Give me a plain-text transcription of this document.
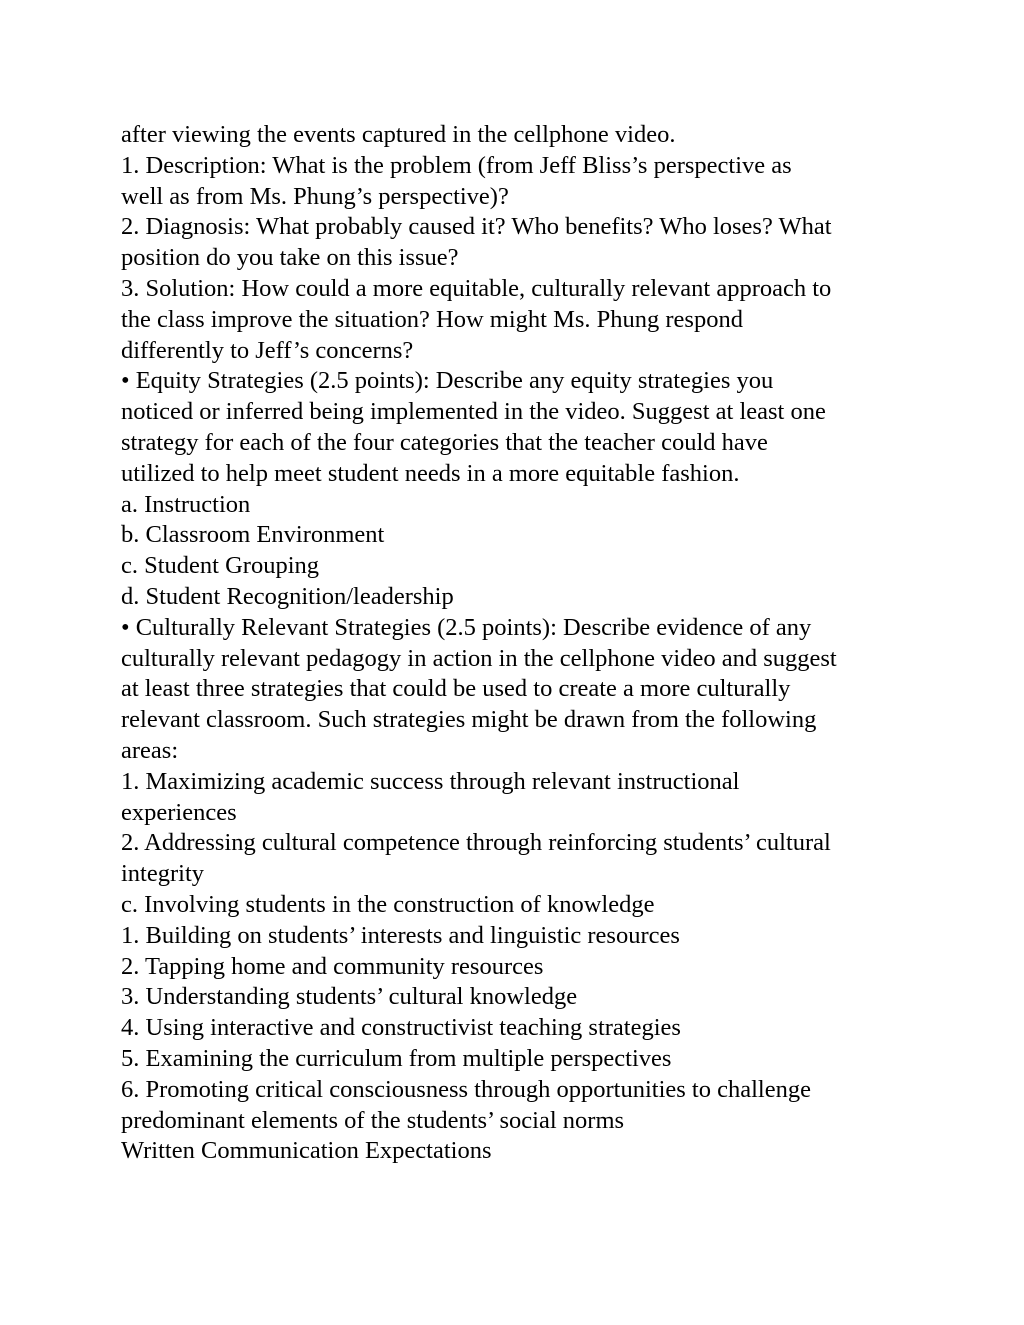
after viewing the events captured in the cellphone video.
1. Description: What is the problem (from Jeff Bliss’s perspective as
well as from Ms. Phung’s perspective)?
2. Diagnosis: What probably caused it? Who benefits? Who loses? What
position do you take on this issue?
3. Solution: How could a more equitable, culturally relevant approach to
the class improve the situation? How might Ms. Phung respond
differently to Jeff’s concerns?
• Equity Strategies (2.5 points): Describe any equity strategies you
noticed or inferred being implemented in the video. Suggest at least one
strategy for each of the four categories that the teacher could have
utilized to help meet student needs in a more equitable fashion.
a. Instruction
b. Classroom Environment
c. Student Grouping
d. Student Recognition/leadership
• Culturally Relevant Strategies (2.5 points): Describe evidence of any
culturally relevant pedagogy in action in the cellphone video and suggest
at least three strategies that could be used to create a more culturally
relevant classroom. Such strategies might be drawn from the following
areas:
1. Maximizing academic success through relevant instructional
experiences
2. Addressing cultural competence through reinforcing students’ cultural
integrity
c. Involving students in the construction of knowledge
1. Building on students’ interests and linguistic resources
2. Tapping home and community resources
3. Understanding students’ cultural knowledge
4. Using interactive and constructivist teaching strategies
5. Examining the curriculum from multiple perspectives
6. Promoting critical consciousness through opportunities to challenge
predominant elements of the students’ social norms
Written Communication Expectations
